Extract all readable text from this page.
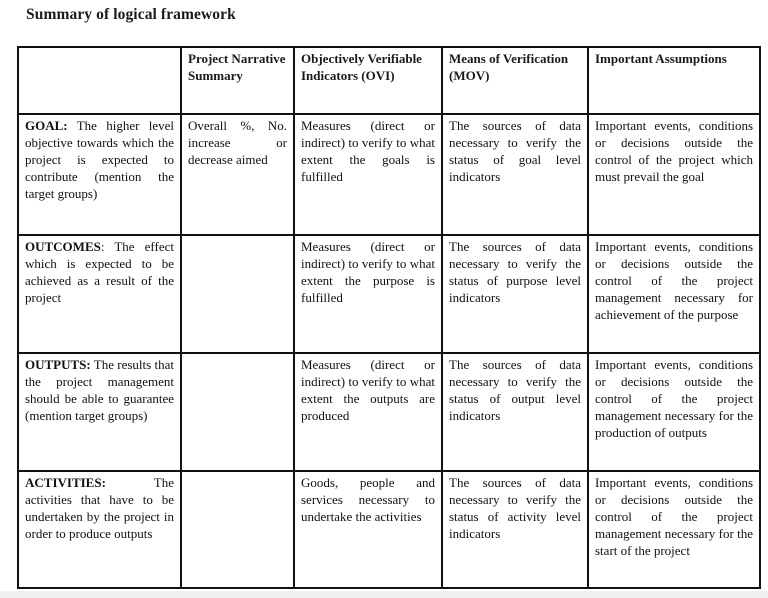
Summary of logical framework
	Project Narrative Summary	Objectively Verifiable Indicators (OVI)	Means of Verification (MOV)	Important Assumptions
GOAL: The higher level objective towards which the project is expected to contribute (mention the target groups)	Overall %, No. increase or decrease aimed	Measures (direct or indirect) to verify to what extent the goals is fulfilled	The sources of data necessary to verify the status of goal level indicators	Important events, conditions or decisions outside the control of the project which must prevail the goal
OUTCOMES: The effect which is expected to be achieved as a result of the project		Measures (direct or indirect) to verify to what extent the purpose is fulfilled	The sources of data necessary to verify the status of purpose level indicators	Important events, conditions or decisions outside the control of the project management necessary for achievement of the purpose
OUTPUTS: The results that the project management should be able to guarantee (mention target groups)		Measures (direct or indirect) to verify to what extent the outputs are produced	The sources of data necessary to verify the status of output level indicators	Important events, conditions or decisions outside the control of the project management necessary for the production of outputs
ACTIVITIES: The activities that have to be undertaken by the project in order to produce outputs		Goods, people and services necessary to undertake the activities	The sources of data necessary to verify the status of activity level indicators	Important events, conditions or decisions outside the control of the project management necessary for the start of the project
